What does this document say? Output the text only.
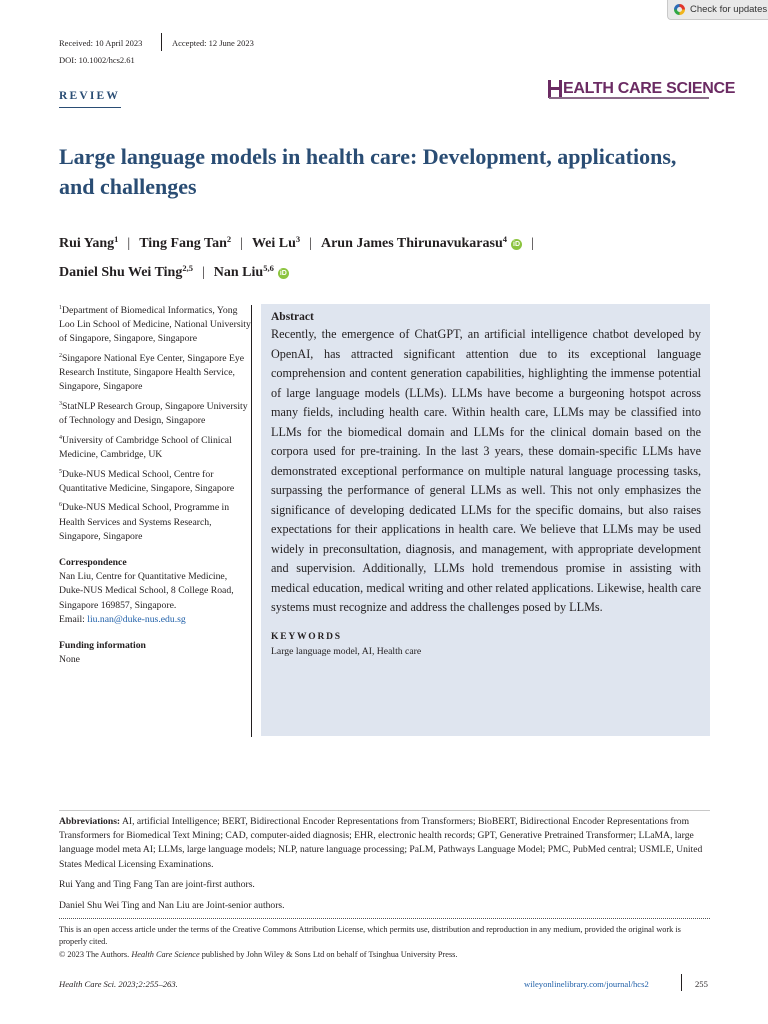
Check for updates
Received: 10 April 2023	Accepted: 12 June 2023
DOI: 10.1002/hcs2.61
REVIEW	EALTH CARE SCIENCE
Large language models in health care: Development, applications, and challenges
Rui Yang$^1$ | Ting Fang Tan$^2$ | Wei Lu$^3$ | Arun James Thirunavukarasu$^4$iD |
Daniel Shu Wei Ting$^{2,5}$ | Nan Liu$^{5,6}$iD
$^1$Department of Biomedical Informatics, Yong Loo Lin School of Medicine, National University of Singapore, Singapore, Singapore
$^2$Singapore National Eye Center, Singapore Eye Research Institute, Singapore Health Service, Singapore, Singapore
$^3$StatNLP Research Group, Singapore University of Technology and Design, Singapore
$^4$University of Cambridge School of Clinical Medicine, Cambridge, UK
$^5$Duke-NUS Medical School, Centre for Quantitative Medicine, Singapore, Singapore
$^6$Duke-NUS Medical School, Programme in Health Services and Systems Research, Singapore, Singapore
Correspondence
Nan Liu, Centre for Quantitative Medicine, Duke-NUS Medical School, 8 College Road, Singapore 169857, Singapore.
Email: liu.nan@duke-nus.edu.sg
Funding information
None
Abstract
Recently, the emergence of ChatGPT, an artificial intelligence chatbot developed by OpenAI, has attracted significant attention due to its exceptional language comprehension and content generation capabilities, highlighting the immense potential of large language models (LLMs). LLMs have become a burgeoning hotspot across many fields, including health care. Within health care, LLMs may be classified into LLMs for the biomedical domain and LLMs for the clinical domain based on the corpora used for pre-training. In the last 3 years, these domain-specific LLMs have demonstrated exceptional performance on multiple natural language processing tasks, surpassing the performance of general LLMs as well. This not only emphasizes the significance of developing dedicated LLMs for the specific domains, but also raises expectations for their applications in health care. We believe that LLMs may be used widely in preconsultation, diagnosis, and management, with appropriate development and supervision. Additionally, LLMs hold tremendous promise in assisting with medical education, medical writing and other related applications. Likewise, health care systems must recognize and address the challenges posed by LLMs.
KEYWORDS
Large language model, AI, Health care
Abbreviations: AI, artificial Intelligence; BERT, Bidirectional Encoder Representations from Transformers; BioBERT, Bidirectional Encoder Representations from Transformers for Biomedical Text Mining; CAD, computer-aided diagnosis; EHR, electronic health records; GPT, Generative Pretrained Transformer; LLaMA, large language model meta AI; LLMs, large language models; NLP, nature language processing; PaLM, Pathways Language Model; PMC, PubMed central; USMLE, United States Medical Licensing Examinations.
Rui Yang and Ting Fang Tan are joint-first authors.
Daniel Shu Wei Ting and Nan Liu are Joint-senior authors.
This is an open access article under the terms of the Creative Commons Attribution License, which permits use, distribution and reproduction in any medium, provided the original work is properly cited.
© 2023 The Authors. Health Care Science published by John Wiley & Sons Ltd on behalf of Tsinghua University Press.
Health Care Sci. 2023;2:255–263.	wileyonlinelibrary.com/journal/hcs2	255
